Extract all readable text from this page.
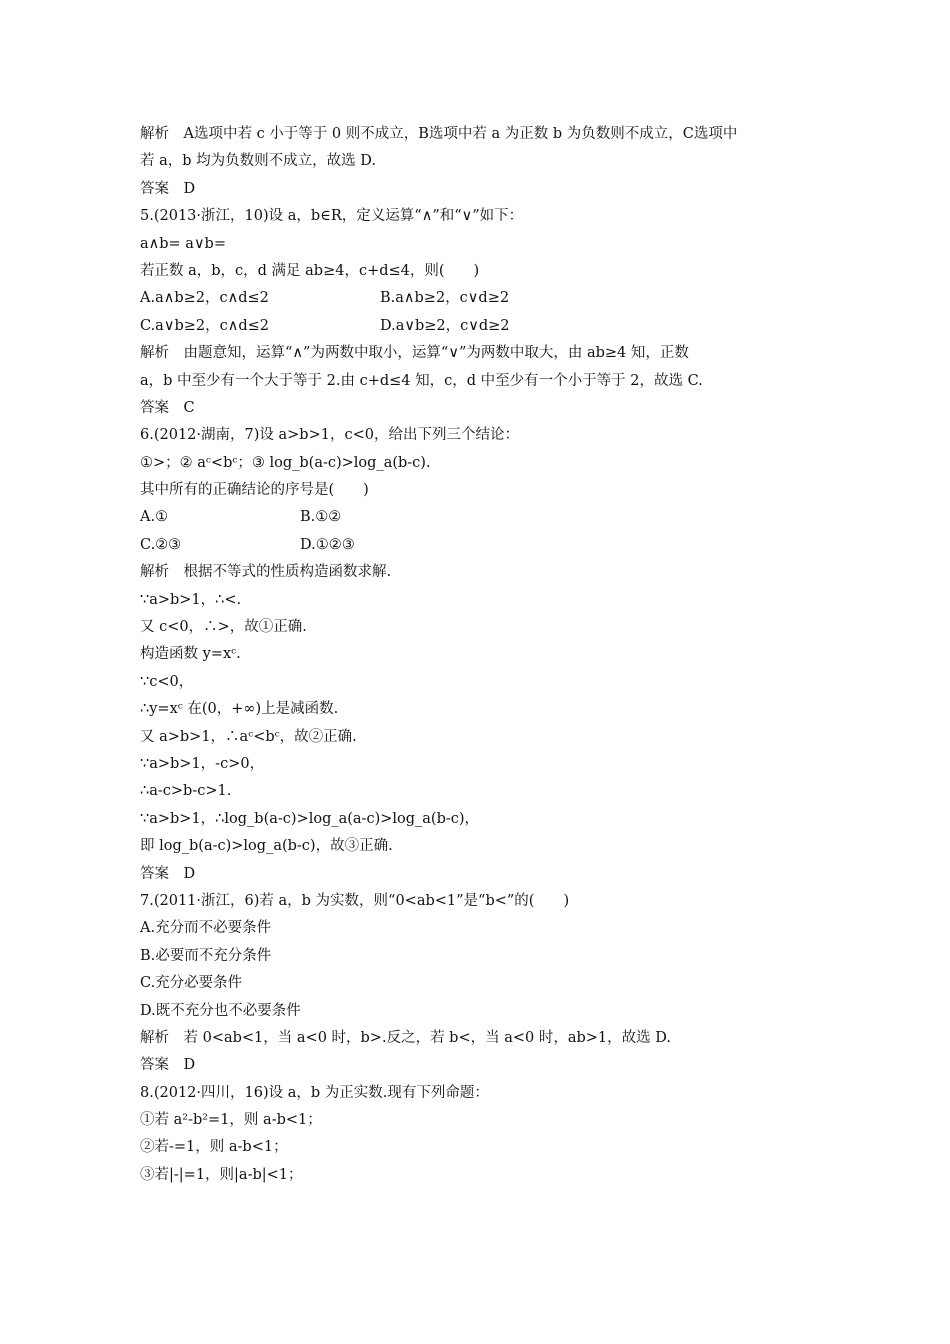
解析　A选项中若 c 小于等于 0 则不成立，B选项中若 a 为正数 b 为负数则不成立，C选项中
若 a，b 均为负数则不成立，故选 D.
答案　D
5.(2013·浙江，10)设 a，b∈R，定义运算“∧”和“∨”如下：
a∧b= a∨b=
若正数 a，b，c，d 满足 ab≥4，c+d≤4，则(　　)
A.a∧b≥2，c∧d≤2	B.a∧b≥2，c∨d≥2
C.a∨b≥2，c∧d≤2	D.a∨b≥2，c∨d≥2
解析　由题意知，运算“∧”为两数中取小，运算“∨”为两数中取大，由 ab≥4 知，正数
a，b 中至少有一个大于等于 2.由 c+d≤4 知，c，d 中至少有一个小于等于 2，故选 C.
答案　C
6.(2012·湖南，7)设 a>b>1，c<0，给出下列三个结论：
①>；② aᶜ<bᶜ；③ log_b(a-c)>log_a(b-c).
其中所有的正确结论的序号是(　　)
A.①	B.①②
C.②③	D.①②③
解析　根据不等式的性质构造函数求解.
∵a>b>1，∴<.
又 c<0，∴>，故①正确.
构造函数 y=xᶜ.
∵c<0，
∴y=xᶜ 在(0，+∞)上是减函数.
又 a>b>1，∴aᶜ<bᶜ，故②正确.
∵a>b>1，-c>0，
∴a-c>b-c>1.
∵a>b>1，∴log_b(a-c)>log_a(a-c)>log_a(b-c)，
即 log_b(a-c)>log_a(b-c)，故③正确.
答案　D
7.(2011·浙江，6)若 a，b 为实数，则“0<ab<1”是“b<”的(　　)
A.充分而不必要条件
B.必要而不充分条件
C.充分必要条件
D.既不充分也不必要条件
解析　若 0<ab<1，当 a<0 时，b>.反之，若 b<，当 a<0 时，ab>1，故选 D.
答案　D
8.(2012·四川，16)设 a，b 为正实数.现有下列命题：
①若 a²-b²=1，则 a-b<1；
②若-=1，则 a-b<1；
③若|-|=1，则|a-b|<1；
